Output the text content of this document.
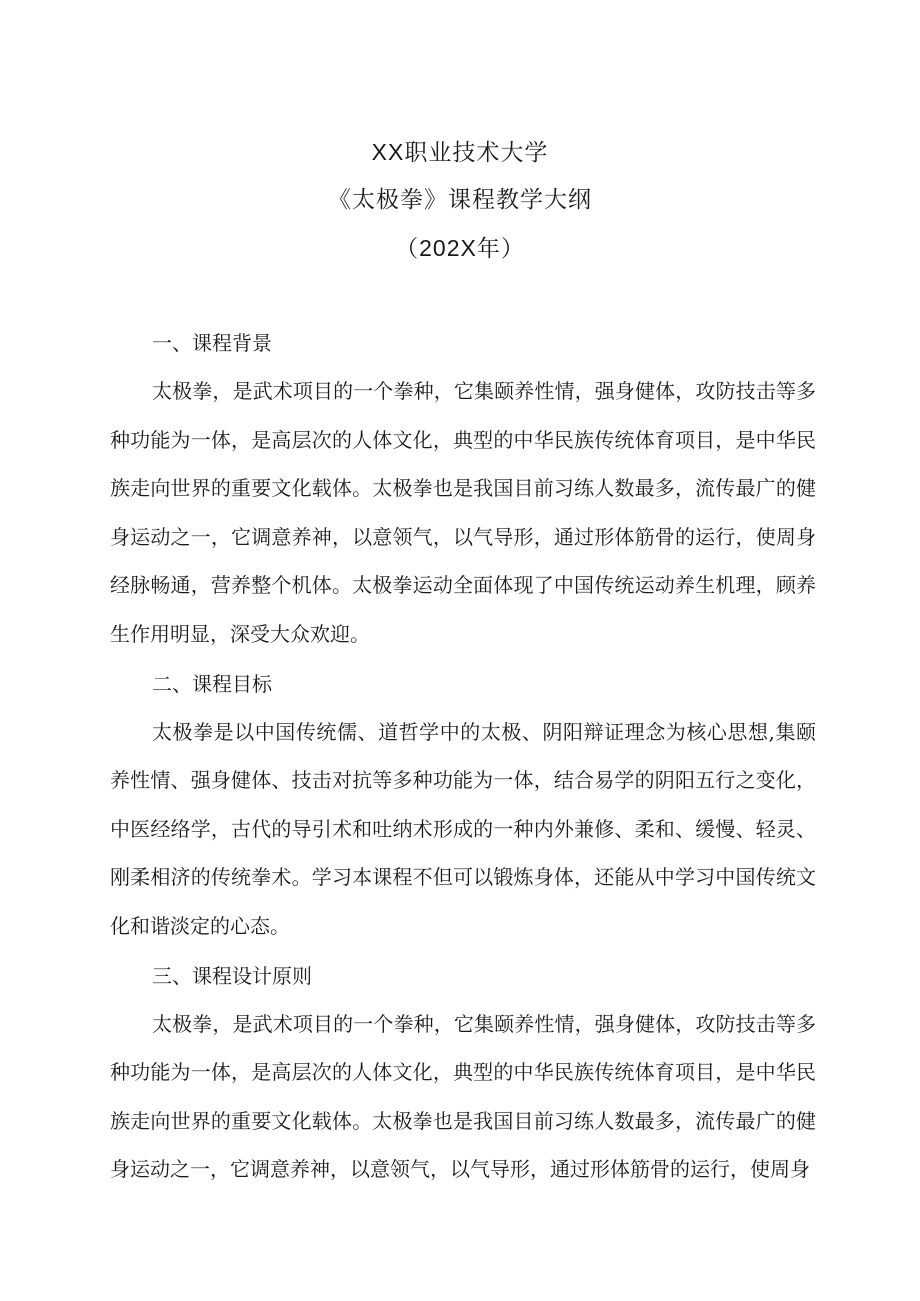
XX职业技术大学
《太极拳》课程教学大纲
（202X年）
一、课程背景

太极拳，是武术项目的一个拳种，它集颐养性情，强身健体，攻防技击等多种功能为一体，是高层次的人体文化，典型的中华民族传统体育项目，是中华民族走向世界的重要文化载体。太极拳也是我国目前习练人数最多，流传最广的健身运动之一，它调意养神，以意领气，以气导形，通过形体筋骨的运行，使周身经脉畅通，营养整个机体。太极拳运动全面体现了中国传统运动养生机理，顾养生作用明显，深受大众欢迎。

二、课程目标

太极拳是以中国传统儒、道哲学中的太极、阴阳辩证理念为核心思想,集颐养性情、强身健体、技击对抗等多种功能为一体，结合易学的阴阳五行之变化，中医经络学，古代的导引术和吐纳术形成的一种内外兼修、柔和、缓慢、轻灵、刚柔相济的传统拳术。学习本课程不但可以锻炼身体，还能从中学习中国传统文化和谐淡定的心态。

三、课程设计原则

太极拳，是武术项目的一个拳种，它集颐养性情，强身健体，攻防技击等多种功能为一体，是高层次的人体文化，典型的中华民族传统体育项目，是中华民族走向世界的重要文化载体。太极拳也是我国目前习练人数最多，流传最广的健身运动之一，它调意养神，以意领气，以气导形，通过形体筋骨的运行，使周身
